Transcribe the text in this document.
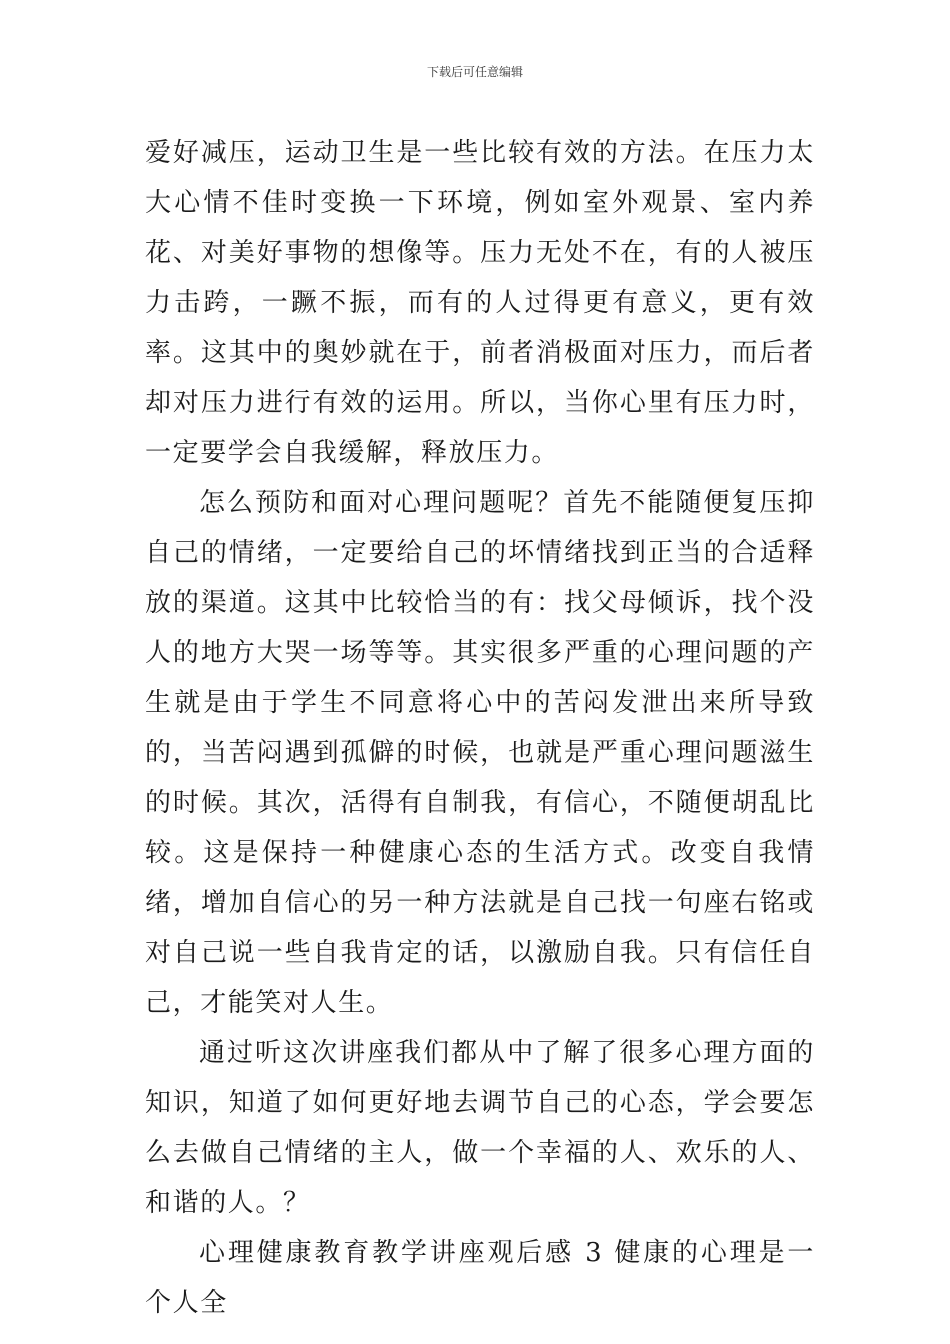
下载后可任意编辑

爱好减压，运动卫生是一些比较有效的方法。在压力太大心情不佳时变换一下环境，例如室外观景、室内养花、对美好事物的想像等。压力无处不在，有的人被压力击跨，一蹶不振，而有的人过得更有意义，更有效率。这其中的奥妙就在于，前者消极面对压力，而后者却对压力进行有效的运用。所以，当你心里有压力时，一定要学会自我缓解，释放压力。

怎么预防和面对心理问题呢？首先不能随便复压抑自己的情绪，一定要给自己的坏情绪找到正当的合适释放的渠道。这其中比较恰当的有：找父母倾诉，找个没人的地方大哭一场等等。其实很多严重的心理问题的产生就是由于学生不同意将心中的苦闷发泄出来所导致的，当苦闷遇到孤僻的时候，也就是严重心理问题滋生的时候。其次，活得有自制我，有信心，不随便胡乱比较。这是保持一种健康心态的生活方式。改变自我情绪，增加自信心的另一种方法就是自己找一句座右铭或对自己说一些自我肯定的话，以激励自我。只有信任自己，才能笑对人生。

通过听这次讲座我们都从中了解了很多心理方面的知识，知道了如何更好地去调节自己的心态，学会要怎么去做自己情绪的主人，做一个幸福的人、欢乐的人、和谐的人。？

心理健康教育教学讲座观后感 3 健康的心理是一个人全
